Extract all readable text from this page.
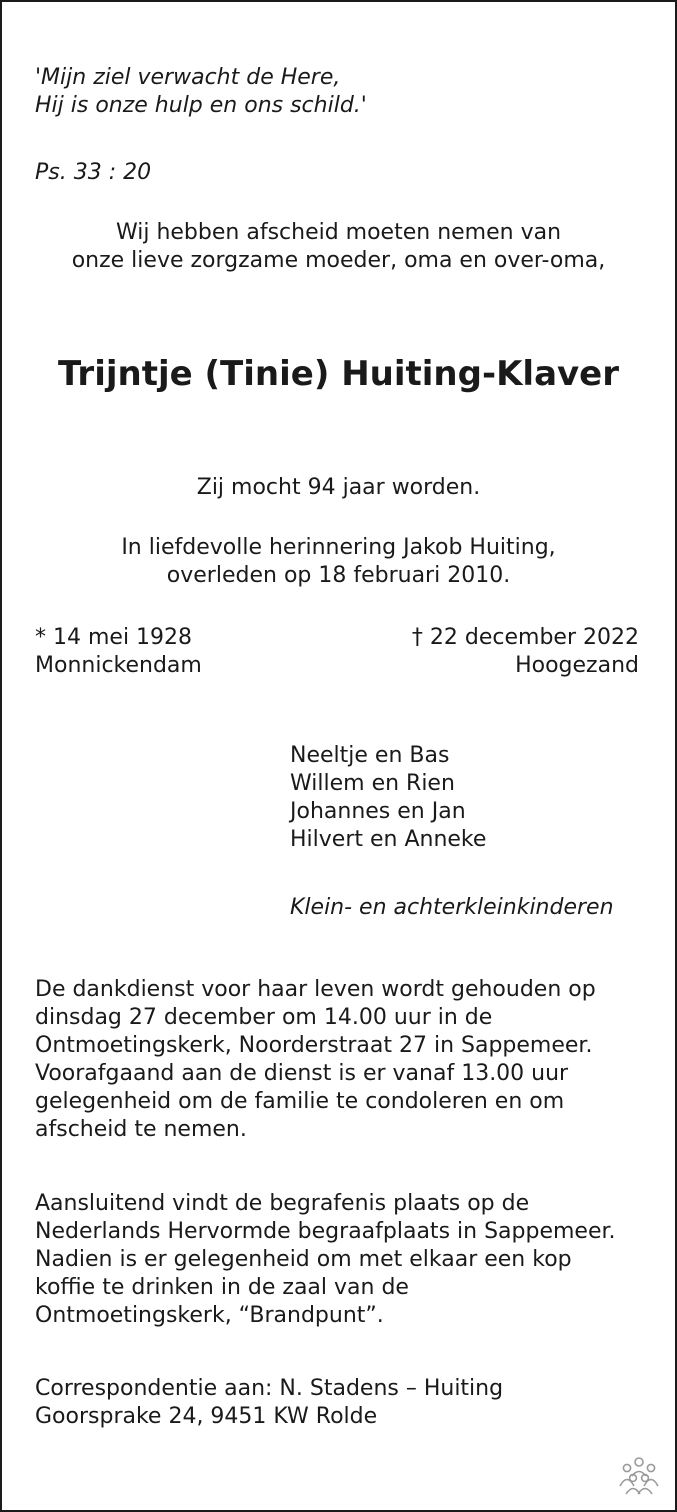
'Mijn ziel verwacht de Here,
Hij is onze hulp en ons schild.'
Ps. 33 : 20
Wij hebben afscheid moeten nemen van
onze lieve zorgzame moeder, oma en over-oma,
Trijntje (Tinie) Huiting-Klaver
Zij mocht 94 jaar worden.
In liefdevolle herinnering Jakob Huiting,
overleden op 18 februari 2010.
* 14 mei 1928
Monnickendam
† 22 december 2022
Hoogezand
Neeltje en Bas
Willem en Rien
Johannes en Jan
Hilvert en Anneke
Klein- en achterkleinkinderen
De dankdienst voor haar leven wordt gehouden op
dinsdag 27 december om 14.00 uur in de
Ontmoetingskerk, Noorderstraat 27 in Sappemeer.
Voorafgaand aan de dienst is er vanaf 13.00 uur
gelegenheid om de familie te condoleren en om
afscheid te nemen.
Aansluitend vindt de begrafenis plaats op de
Nederlands Hervormde begraafplaats in Sappemeer.
Nadien is er gelegenheid om met elkaar een kop
koffie te drinken in de zaal van de
Ontmoetingskerk, “Brandpunt”.
Correspondentie aan: N. Stadens – Huiting
Goorsprake 24, 9451 KW Rolde
